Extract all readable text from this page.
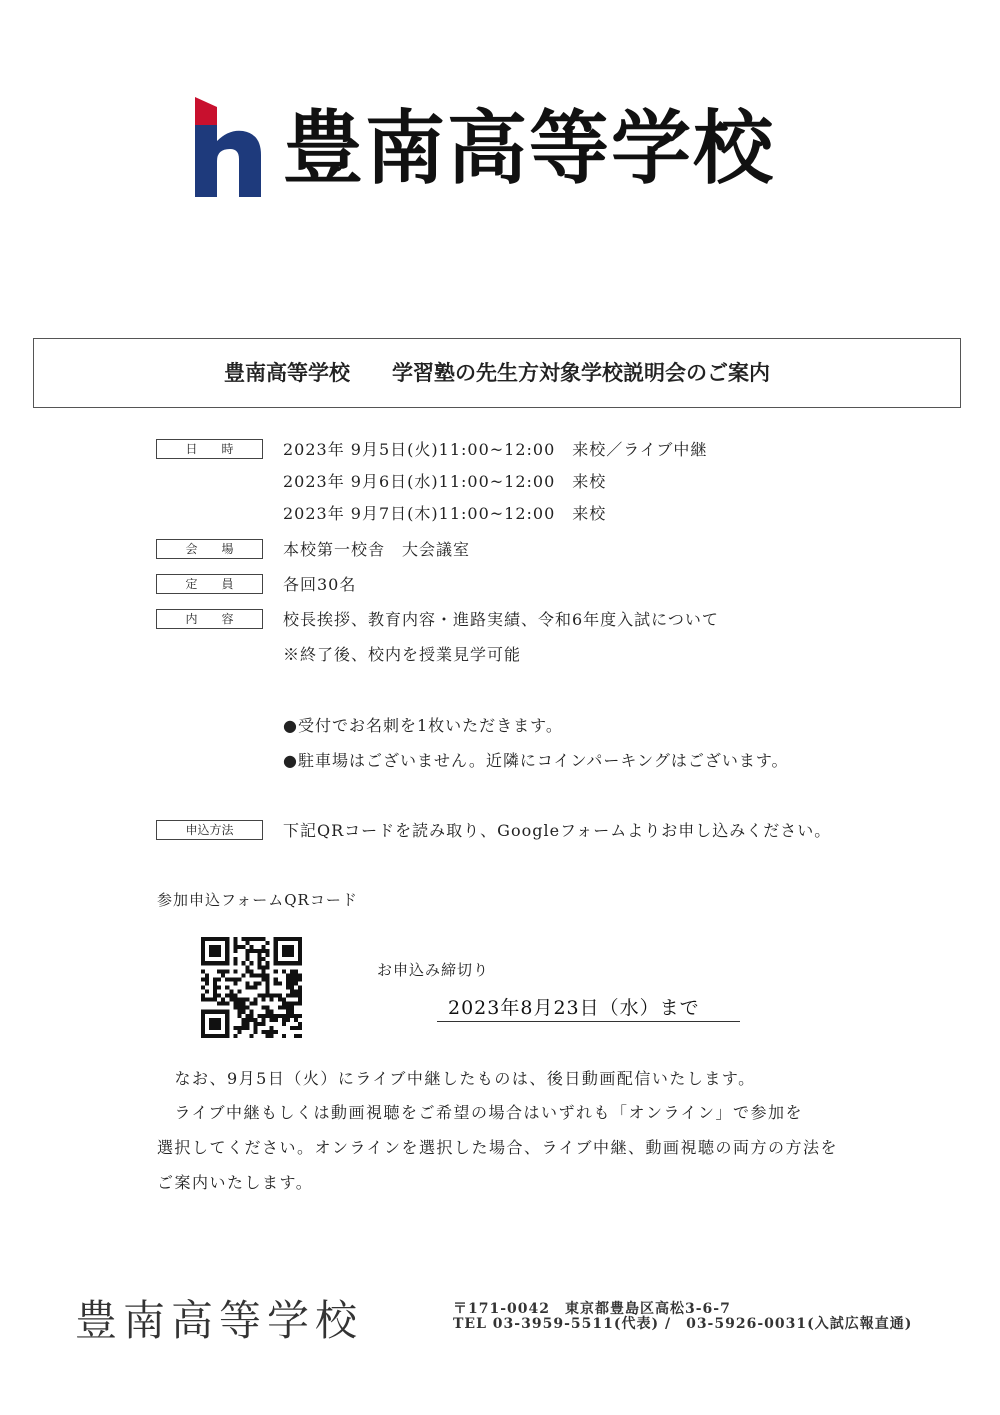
豊南高等学校
豊南高等学校　　学習塾の先生方対象学校説明会のご案内
日　　時	2023年 9月5日(火)11:00~12:00　来校／ライブ中継
2023年 9月6日(水)11:00~12:00　来校
2023年 9月7日(木)11:00~12:00　来校
会　　場	本校第一校舎　大会議室
定　　員	各回30名
内　　容	校長挨拶、教育内容・進路実績、令和6年度入試について
※終了後、校内を授業見学可能
●受付でお名刺を1枚いただきます。
●駐車場はございません。近隣にコインパーキングはございます。
申込方法	下記QRコードを読み取り、Googleフォームよりお申し込みください。
参加申込フォームQRコード
お申込み締切り
2023年8月23日（水）まで
　なお、9月5日（火）にライブ中継したものは、後日動画配信いたします。
　ライブ中継もしくは動画視聴をご希望の場合はいずれも「オンライン」で参加を
選択してください。オンラインを選択した場合、ライブ中継、動画視聴の両方の方法を
ご案内いたします。
豊南高等学校	〒171-0042　東京都豊島区高松3-6-7
TEL 03-3959-5511(代表) /　03-5926-0031(入試広報直通)
